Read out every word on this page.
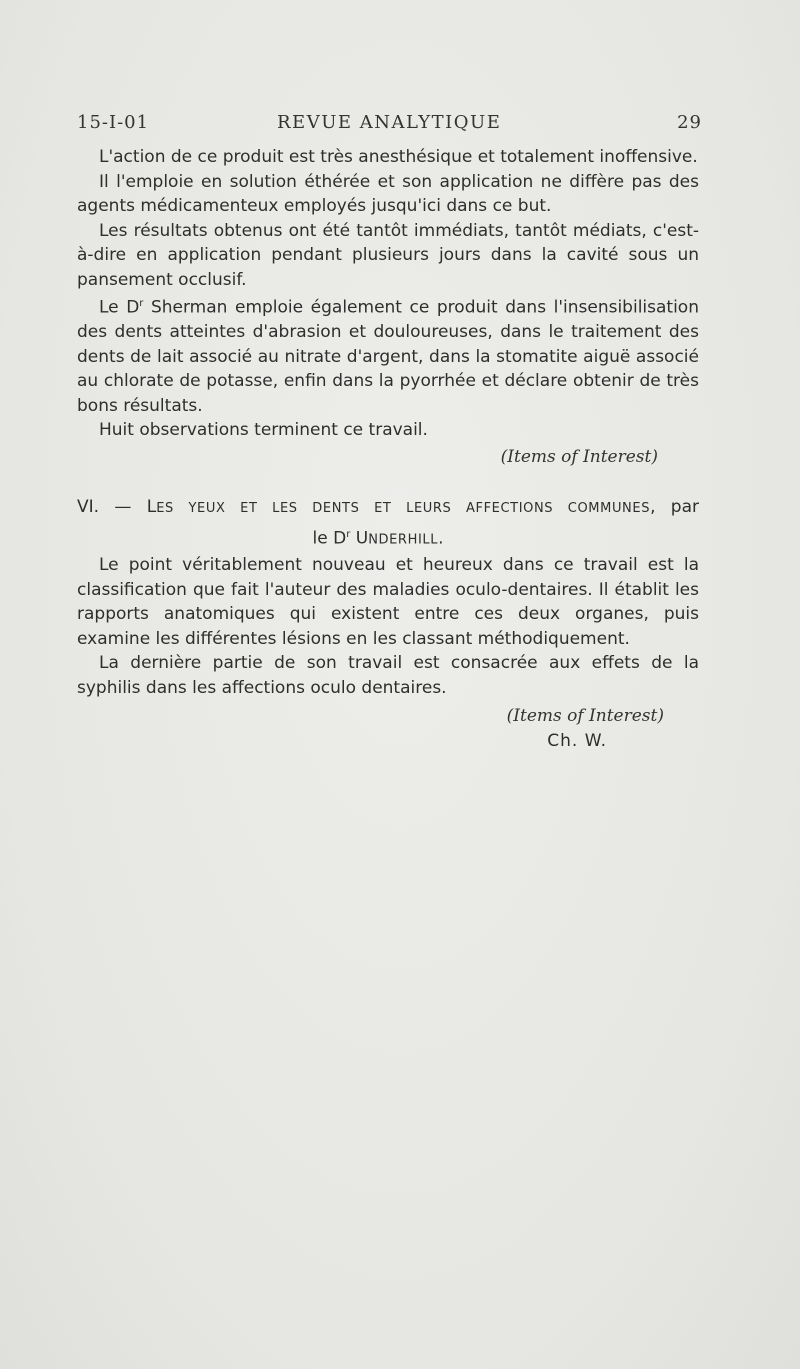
15-I-01	REVUE ANALYTIQUE	29

L'action de ce produit est très anesthésique et totalement inoffensive.

Il l'emploie en solution éthérée et son application ne diffère pas des agents médicamenteux employés jusqu'ici dans ce but.

Les résultats obtenus ont été tantôt immédiats, tantôt médiats, c'est-à-dire en application pendant plusieurs jours dans la cavité sous un pansement occlusif.

Le $D^r$ Sherman emploie également ce produit dans l'insensibilisation des dents atteintes d'abrasion et douloureuses, dans le traitement des dents de lait associé au nitrate d'argent, dans la stomatite aiguë associé au chlorate de potasse, enfin dans la pyorrhée et déclare obtenir de très bons résultats.

Huit observations terminent ce travail.

(Items of Interest)

VI. — LES YEUX ET LES DENTS ET LEURS AFFECTIONS COMMUNES, par
le $D^r$ UNDERHILL.

Le point véritablement nouveau et heureux dans ce travail est la classification que fait l'auteur des maladies oculo-dentaires. Il établit les rapports anatomiques qui existent entre ces deux organes, puis examine les différentes lésions en les classant méthodiquement.

La dernière partie de son travail est consacrée aux effets de la syphilis dans les affections oculo dentaires.

(Items of Interest)

Ch. W.
